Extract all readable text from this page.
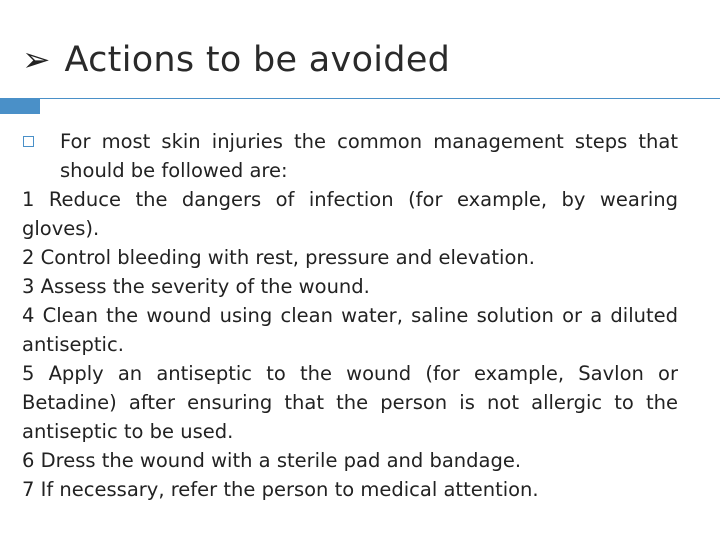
➢ Actions to be avoided
For most skin injuries the common management steps that should be followed are:
1 Reduce the dangers of infection (for example, by wearing gloves).
2 Control bleeding with rest, pressure and elevation.
3 Assess the severity of the wound.
4 Clean the wound using clean water, saline solution or a diluted antiseptic.
5 Apply an antiseptic to the wound (for example, Savlon or Betadine) after ensuring that the person is not allergic to the antiseptic to be used.
6 Dress the wound with a sterile pad and bandage.
7 If necessary, refer the person to medical attention.
